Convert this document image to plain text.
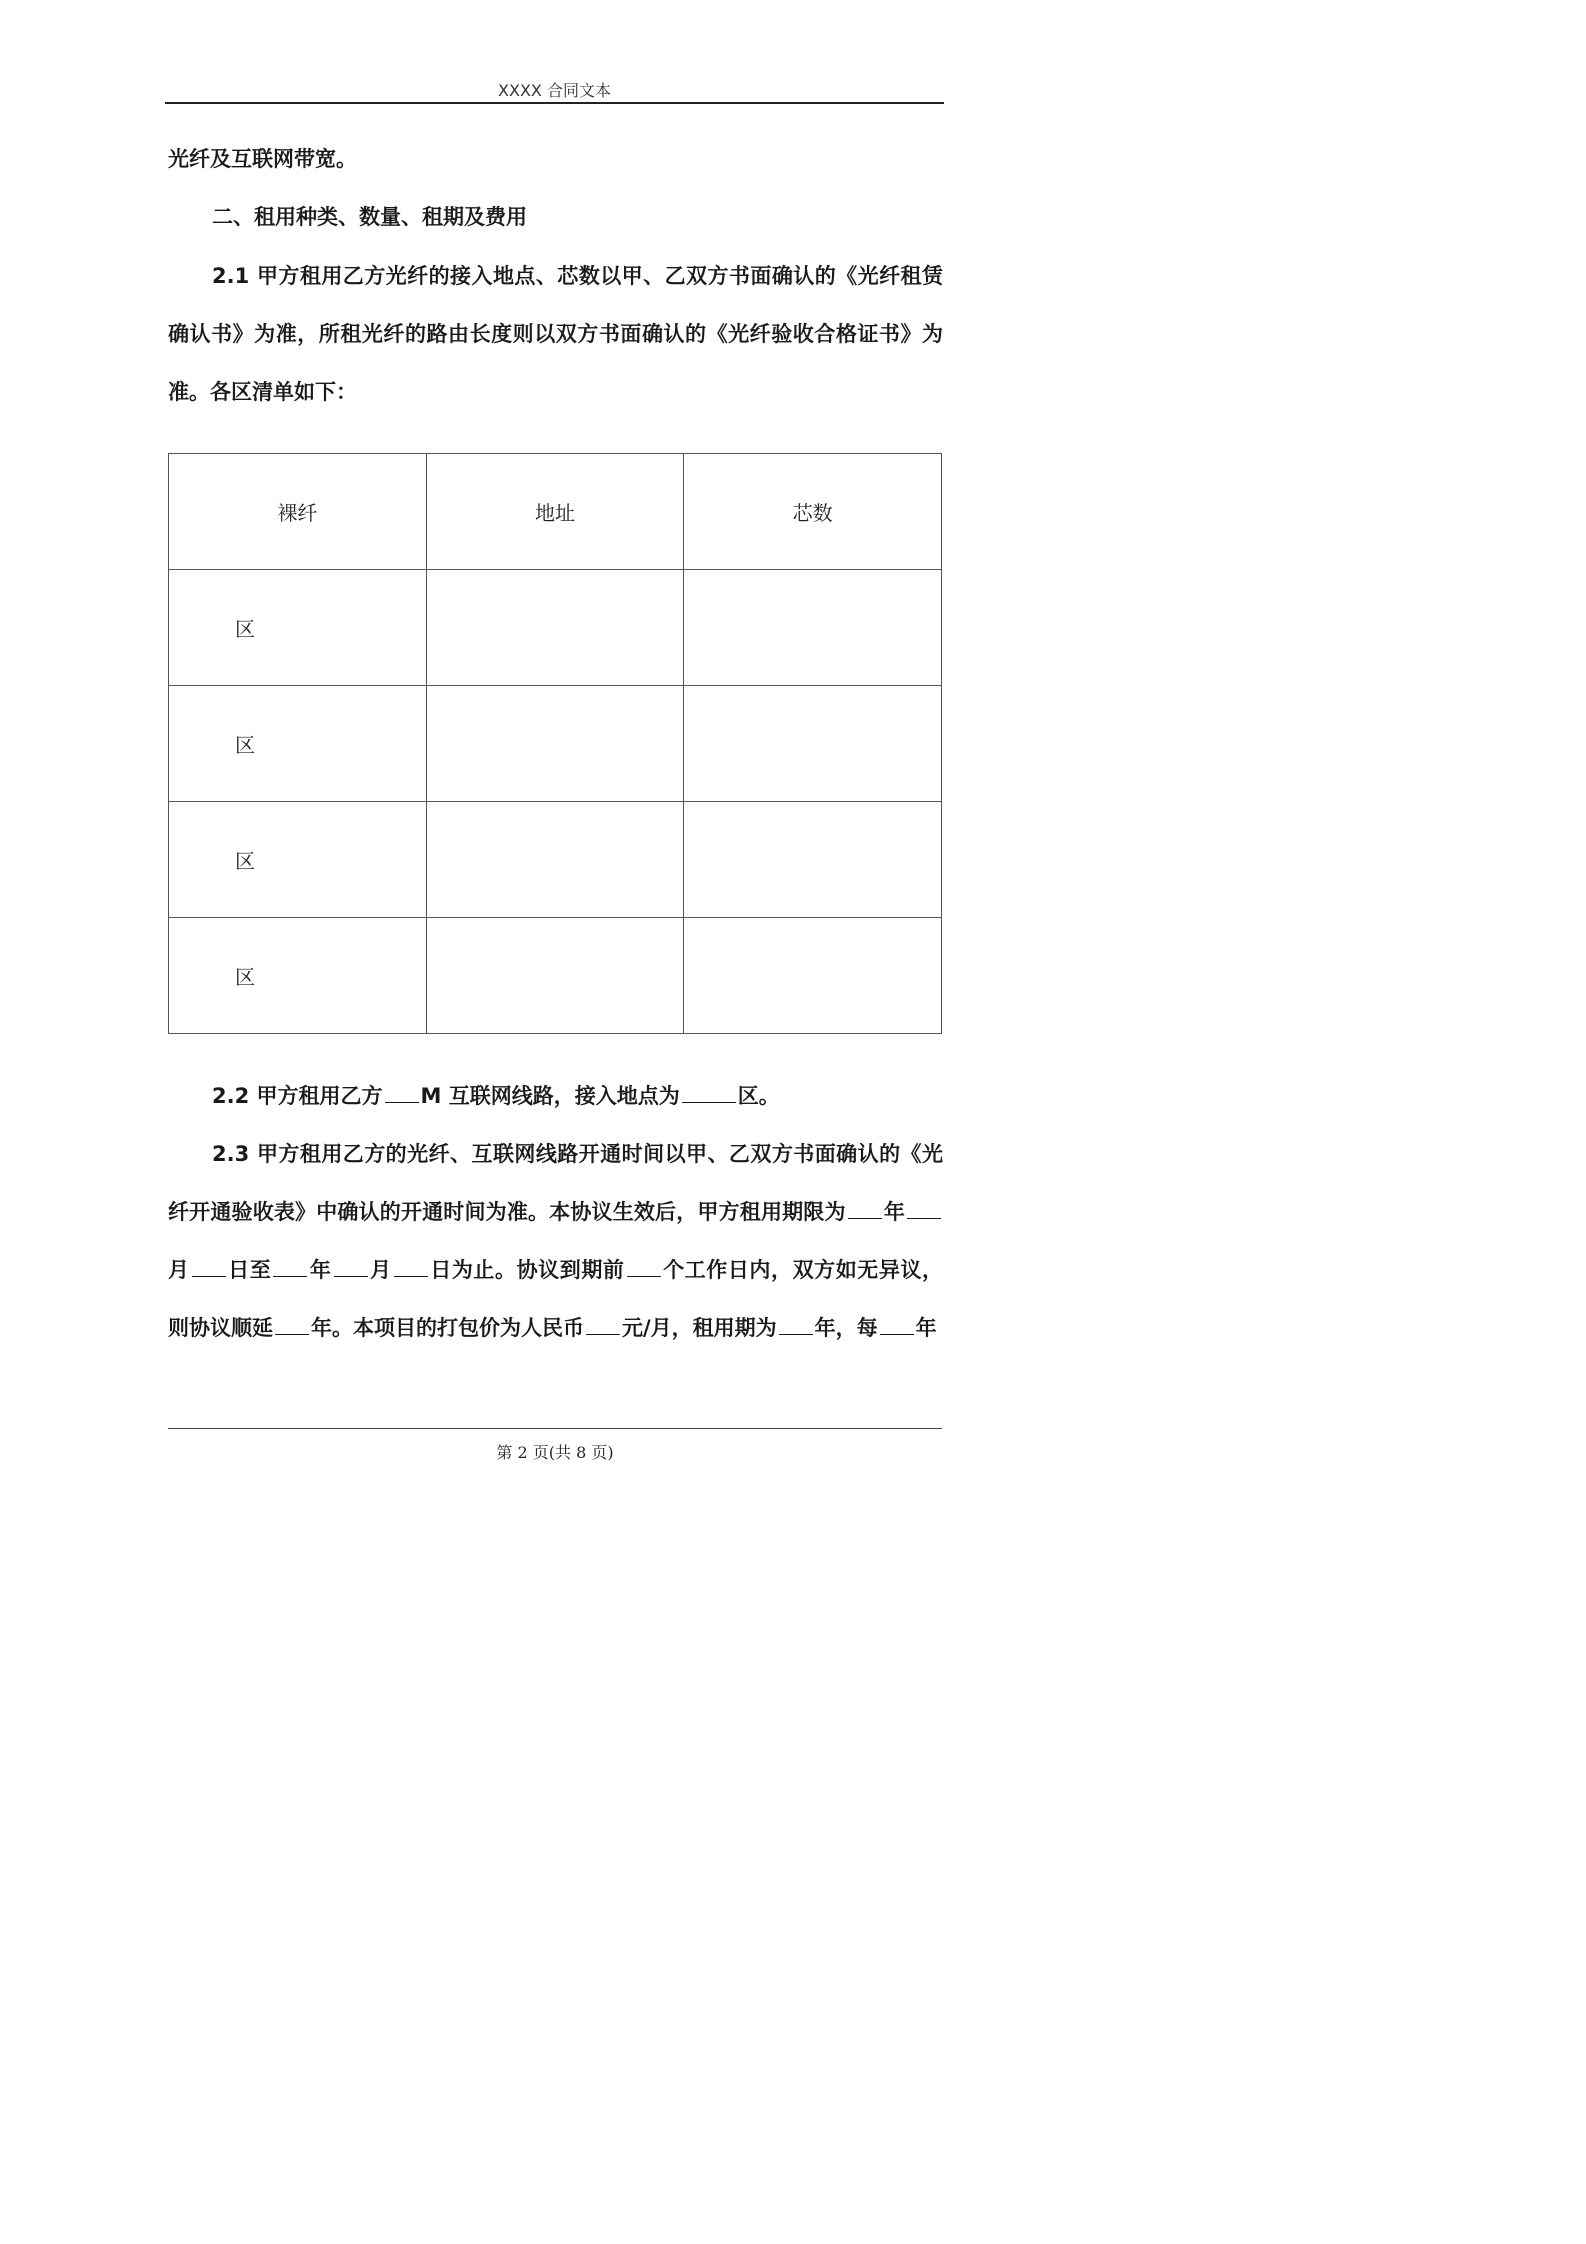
XXXX 合同文本

光纤及互联网带宽。

二、租用种类、数量、租期及费用

2.1 甲方租用乙方光纤的接入地点、芯数以甲、乙双方书面确认的《光纤租赁确认书》为准，所租光纤的路由长度则以双方书面确认的《光纤验收合格证书》为准。各区清单如下：

裸纤	地址	芯数
区		
区		
区		
区		

2.2 甲方租用乙方 M 互联网线路，接入地点为	区。

2.3 甲方租用乙方的光纤、互联网线路开通时间以甲、乙双方书面确认的《光纤开通验收表》中确认的开通时间为准。本协议生效后，甲方租用期限为 年月 日至 年 月 日为止。协议到期前 个工作日内，双方如无异议，则协议顺延 年。本项目的打包价为人民币 元/月，租用期为 年，每 年

第 2 页(共 8 页)
